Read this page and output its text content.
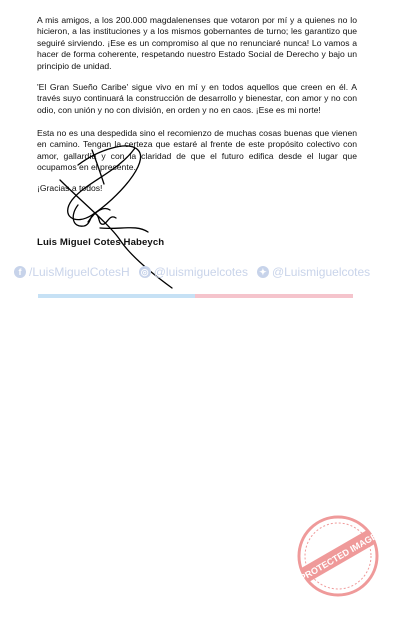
A mis amigos, a los 200.000 magdalenenses que votaron por mí y a quienes no lo hicieron, a las instituciones y a los mismos gobernantes de turno; les garantizo que seguiré sirviendo. ¡Ese es un compromiso al que no renunciaré nunca! Lo vamos a hacer de forma coherente, respetando nuestro Estado Social de Derecho y bajo un principio de unidad.

'El Gran Sueño Caribe' sigue vivo en mí y en todos aquellos que creen en él. A través suyo continuará la construcción de desarrollo y bienestar, con amor y no con odio, con unión y no con división, en orden y no en caos. ¡Ese es mi norte!

Esta no es una despedida sino el recomienzo de muchas cosas buenas que vienen en camino. Tengan la certeza que estaré al frente de este propósito colectivo con amor, gallardía y con la claridad de que el futuro edifica desde el lugar que ocupamos en el presente.

¡Gracias a todos!

Luis Miguel Cotes Habeych
f /LuisMiguelCotesH ◎ @luismiguelcotes ✦ @Luismiguelcotes
PROTECTED IMAGE
